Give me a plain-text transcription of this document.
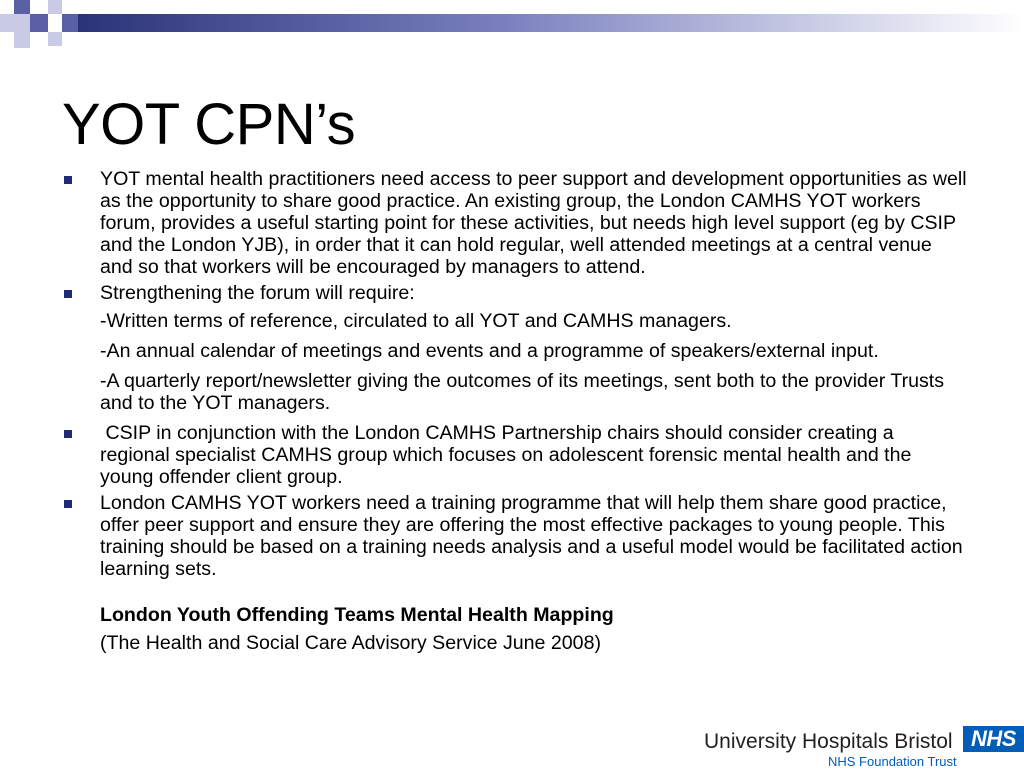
YOT CPN’s
YOT mental health practitioners need access to peer support and development opportunities as well as the opportunity to share good practice. An existing group, the London CAMHS YOT workers forum, provides a useful starting point for these activities, but needs high level support (eg by CSIP and the London YJB), in order that it can hold regular, well attended meetings at a central venue and so that workers will be encouraged by managers to attend.
Strengthening the forum will require:
-Written terms of reference, circulated to all YOT and CAMHS managers.
-An annual calendar of meetings and events and a programme of speakers/external input.
-A quarterly report/newsletter giving the outcomes of its meetings, sent both to the provider Trusts and to the YOT managers.
CSIP in conjunction with the London CAMHS Partnership chairs should consider creating a regional specialist CAMHS group which focuses on adolescent forensic mental health and the young offender client group.
London CAMHS YOT workers need a training programme that will help them share good practice, offer peer support and ensure they are offering the most effective packages to young people. This training should be based on a training needs analysis and a useful model would be facilitated action learning sets.
London Youth Offending Teams Mental Health Mapping
(The Health and Social Care Advisory Service June 2008)
University Hospitals Bristol NHS
NHS Foundation Trust
